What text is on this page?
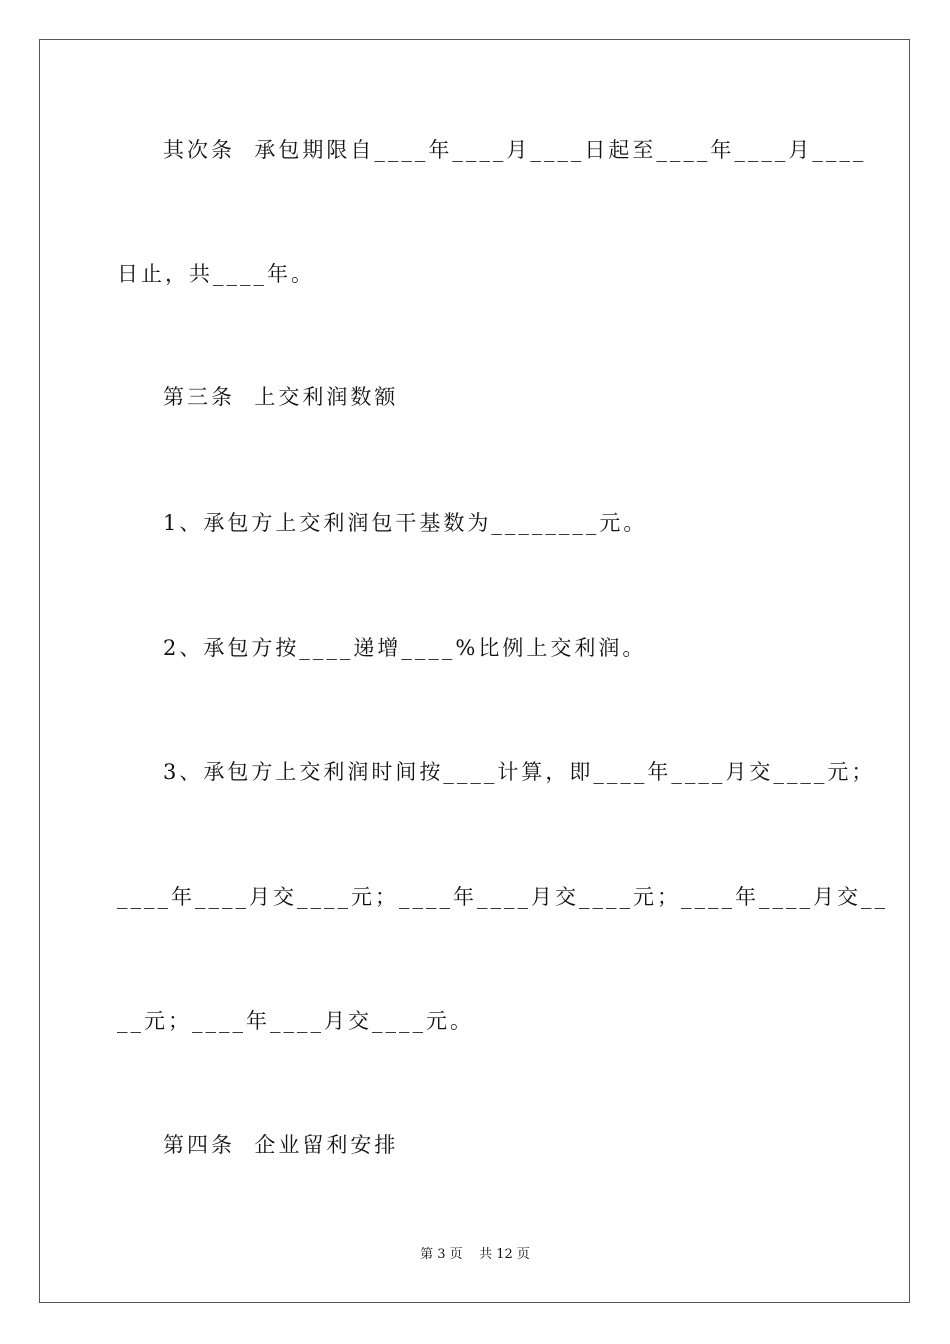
其次条  承包期限自____年____月____日起至____年____月____

日止，共____年。

第三条  上交利润数额

1、承包方上交利润包干基数为________元。

2、承包方按____递增____%比例上交利润。

3、承包方上交利润时间按____计算，即____年____月交____元；

____年____月交____元；____年____月交____元；____年____月交__

__元；____年____月交____元。

第四条  企业留利安排

第 3 页    共 12 页
